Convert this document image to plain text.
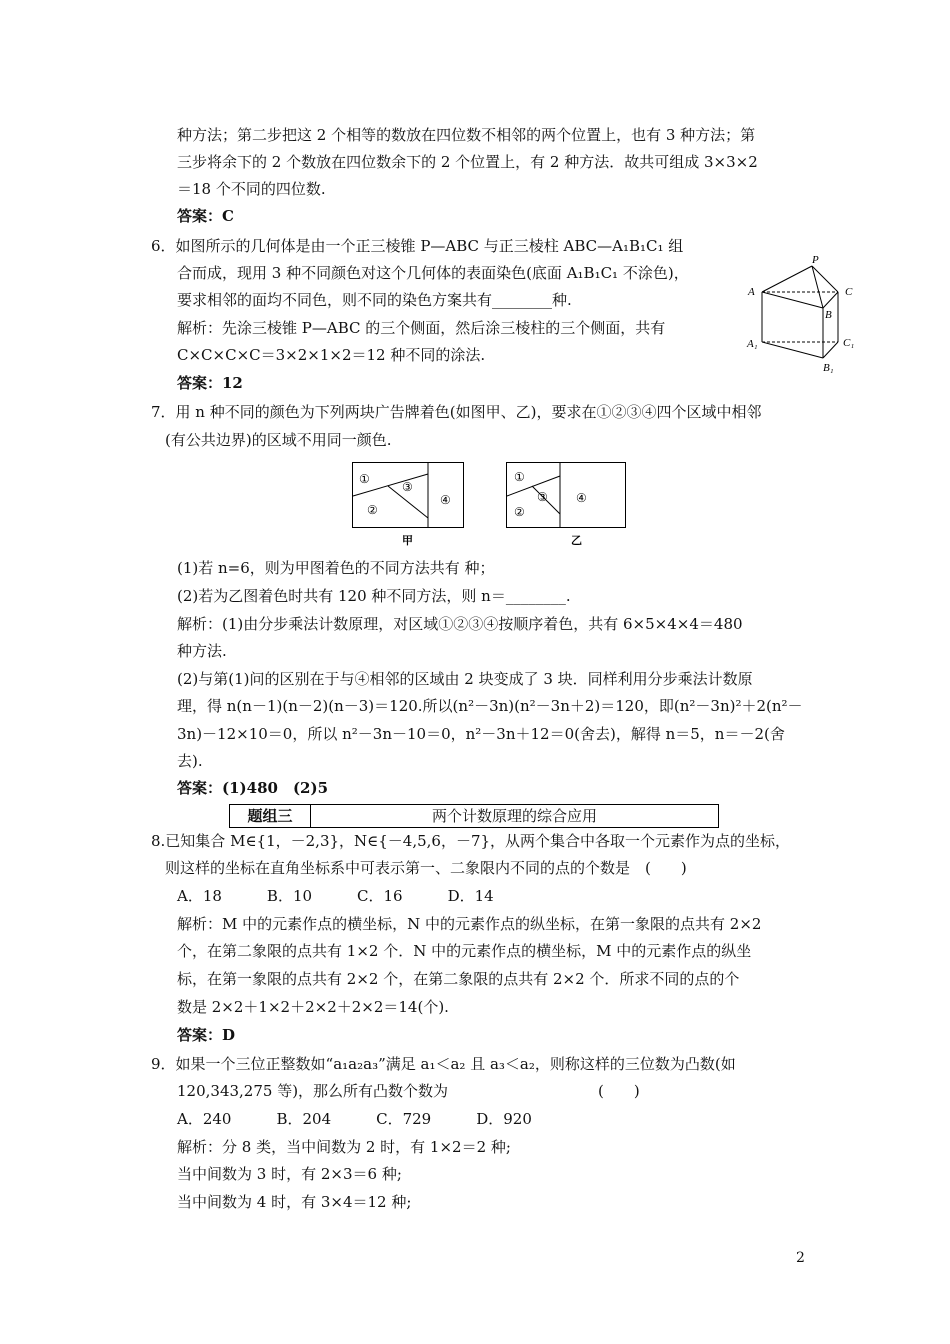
种方法；第二步把这 2 个相等的数放在四位数不相邻的两个位置上，也有 3 种方法；第
三步将余下的 2 个数放在四位数余下的 2 个位置上，有 2 种方法．故共可组成 3×3×2
＝18 个不同的四位数.
答案：C
6．如图所示的几何体是由一个正三棱锥 P—ABC 与正三棱柱 ABC—A₁B₁C₁ 组
合而成，现用 3 种不同颜色对这个几何体的表面染色(底面 A₁B₁C₁ 不涂色)，
要求相邻的面均不同色，则不同的染色方案共有________种.
解析：先涂三棱锥 P—ABC 的三个侧面，然后涂三棱柱的三个侧面，共有
C×C×C×C＝3×2×1×2＝12 种不同的涂法.
答案：12
P
A	C
B
A₁	C₁
B₁
7．用 n 种不同的颜色为下列两块广告牌着色(如图甲、乙)，要求在①②③④四个区域中相邻
(有公共边界)的区域不用同一颜色.
①
③
②
④
甲
①
③
②
④
乙
(1)若 n=6，则为甲图着色的不同方法共有 种；
(2)若为乙图着色时共有 120 种不同方法，则 n＝________.
解析：(1)由分步乘法计数原理，对区域①②③④按顺序着色，共有 6×5×4×4＝480
种方法.
(2)与第(1)问的区别在于与④相邻的区域由 2 块变成了 3 块．同样利用分步乘法计数原
理，得 n(n－1)(n－2)(n－3)＝120.所以(n²－3n)(n²－3n＋2)＝120，即(n²－3n)²＋2(n²－
3n)－12×10＝0，所以 n²－3n－10＝0，n²－3n＋12＝0(舍去)，解得 n＝5，n＝－2(舍
去).
答案：(1)480　(2)5
题组三	两个计数原理的综合应用
8.已知集合 M∈{1，－2,3}，N∈{－4,5,6，－7}，从两个集合中各取一个元素作为点的坐标，
则这样的坐标在直角坐标系中可表示第一、二象限内不同的点的个数是　(　　)
A．18　　　B．10　　　C．16　　　D．14
解析：M 中的元素作点的横坐标，N 中的元素作点的纵坐标，在第一象限的点共有 2×2
个，在第二象限的点共有 1×2 个．N 中的元素作点的横坐标，M 中的元素作点的纵坐
标，在第一象限的点共有 2×2 个，在第二象限的点共有 2×2 个．所求不同的点的个
数是 2×2＋1×2＋2×2＋2×2＝14(个).
答案：D
9．如果一个三位正整数如“a₁a₂a₃”满足 a₁＜a₂ 且 a₃＜a₂，则称这样的三位数为凸数(如
120,343,275 等)，那么所有凸数个数为　　　　　　　　　　(　　)
A．240　　　B．204　　　C．729　　　D．920
解析：分 8 类，当中间数为 2 时，有 1×2＝2 种;
当中间数为 3 时，有 2×3＝6 种;
当中间数为 4 时，有 3×4＝12 种;
2
